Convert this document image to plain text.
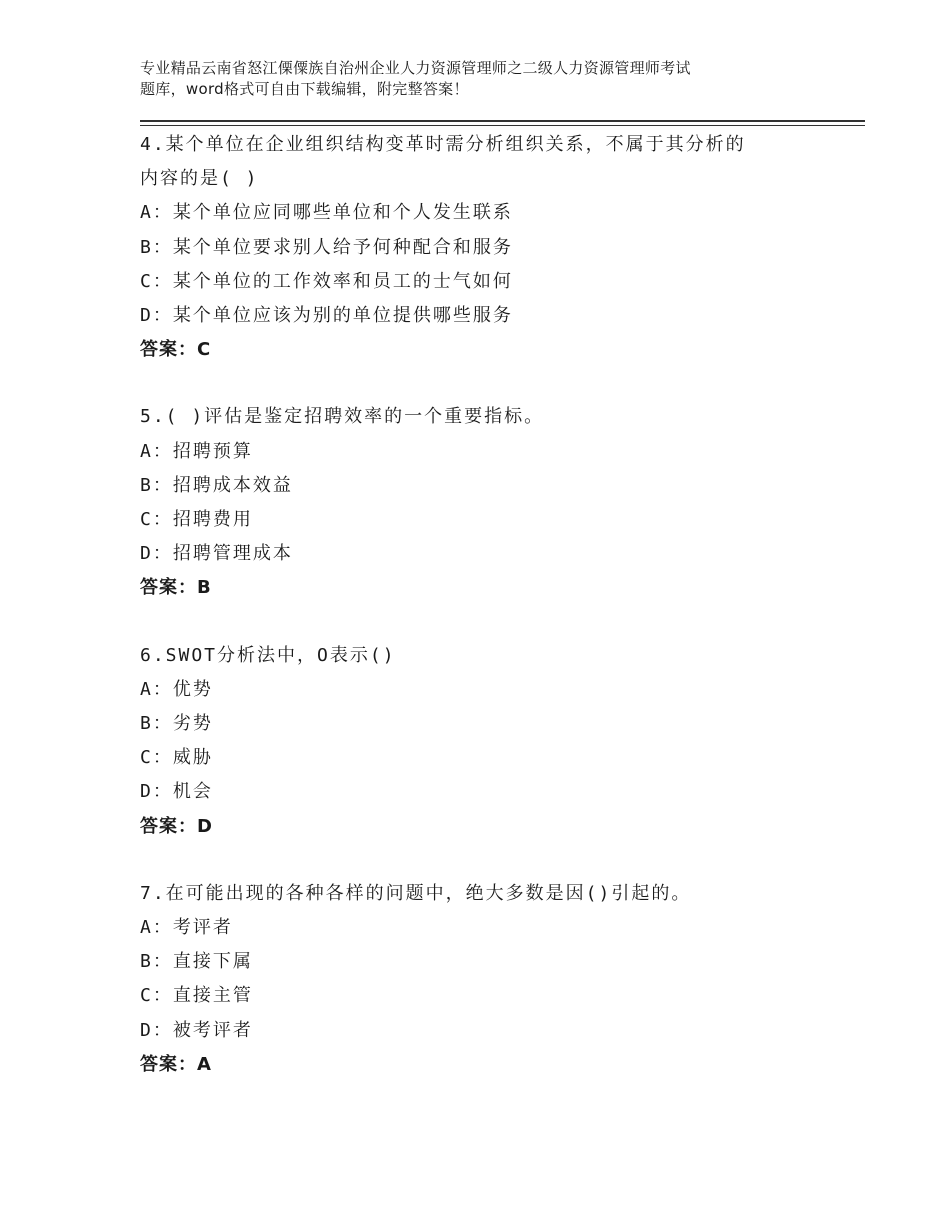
专业精品云南省怒江傈僳族自治州企业人力资源管理师之二级人力资源管理师考试
题库，word格式可自由下载编辑，附完整答案！
4.某个单位在企业组织结构变革时需分析组织关系，不属于其分析的
内容的是( )
A：某个单位应同哪些单位和个人发生联系
B：某个单位要求别人给予何种配合和服务
C：某个单位的工作效率和员工的士气如何
D：某个单位应该为别的单位提供哪些服务
答案：C
5.( )评估是鉴定招聘效率的一个重要指标。
A：招聘预算
B：招聘成本效益
C：招聘费用
D：招聘管理成本
答案：B
6.SWOT分析法中，O表示()
A：优势
B：劣势
C：威胁
D：机会
答案：D
7.在可能出现的各种各样的问题中，绝大多数是因()引起的。
A：考评者
B：直接下属
C：直接主管
D：被考评者
答案：A
